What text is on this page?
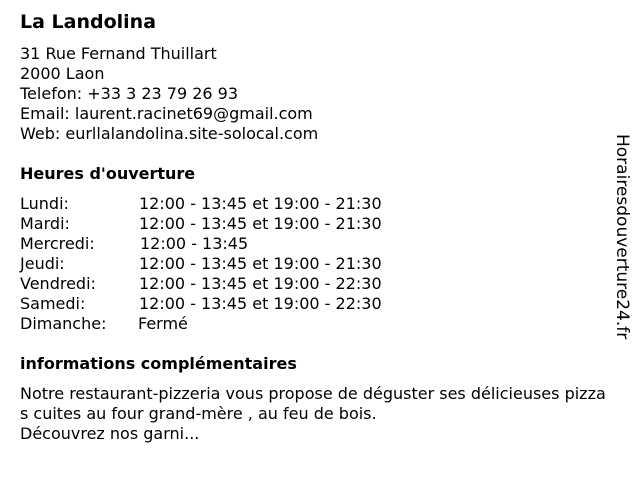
La Landolina
31 Rue Fernand Thuillart
2000 Laon
Telefon: +33 3 23 79 26 93
Email: laurent.racinet69@gmail.com
Web: eurllalandolina.site-solocal.com
Heures d'ouverture
Lundi:	12:00 - 13:45 et 19:00 - 21:30
Mardi:	12:00 - 13:45 et 19:00 - 21:30
Mercredi:	12:00 - 13:45
Jeudi:	12:00 - 13:45 et 19:00 - 21:30
Vendredi:	12:00 - 13:45 et 19:00 - 22:30
Samedi:	12:00 - 13:45 et 19:00 - 22:30
Dimanche: Fermé
informations complémentaires
Notre restaurant-pizzeria vous propose de déguster ses délicieuses pizzas cuites au four grand-mère , au feu de bois.
Découvrez nos garni...
Horairesdouverture24.fr
